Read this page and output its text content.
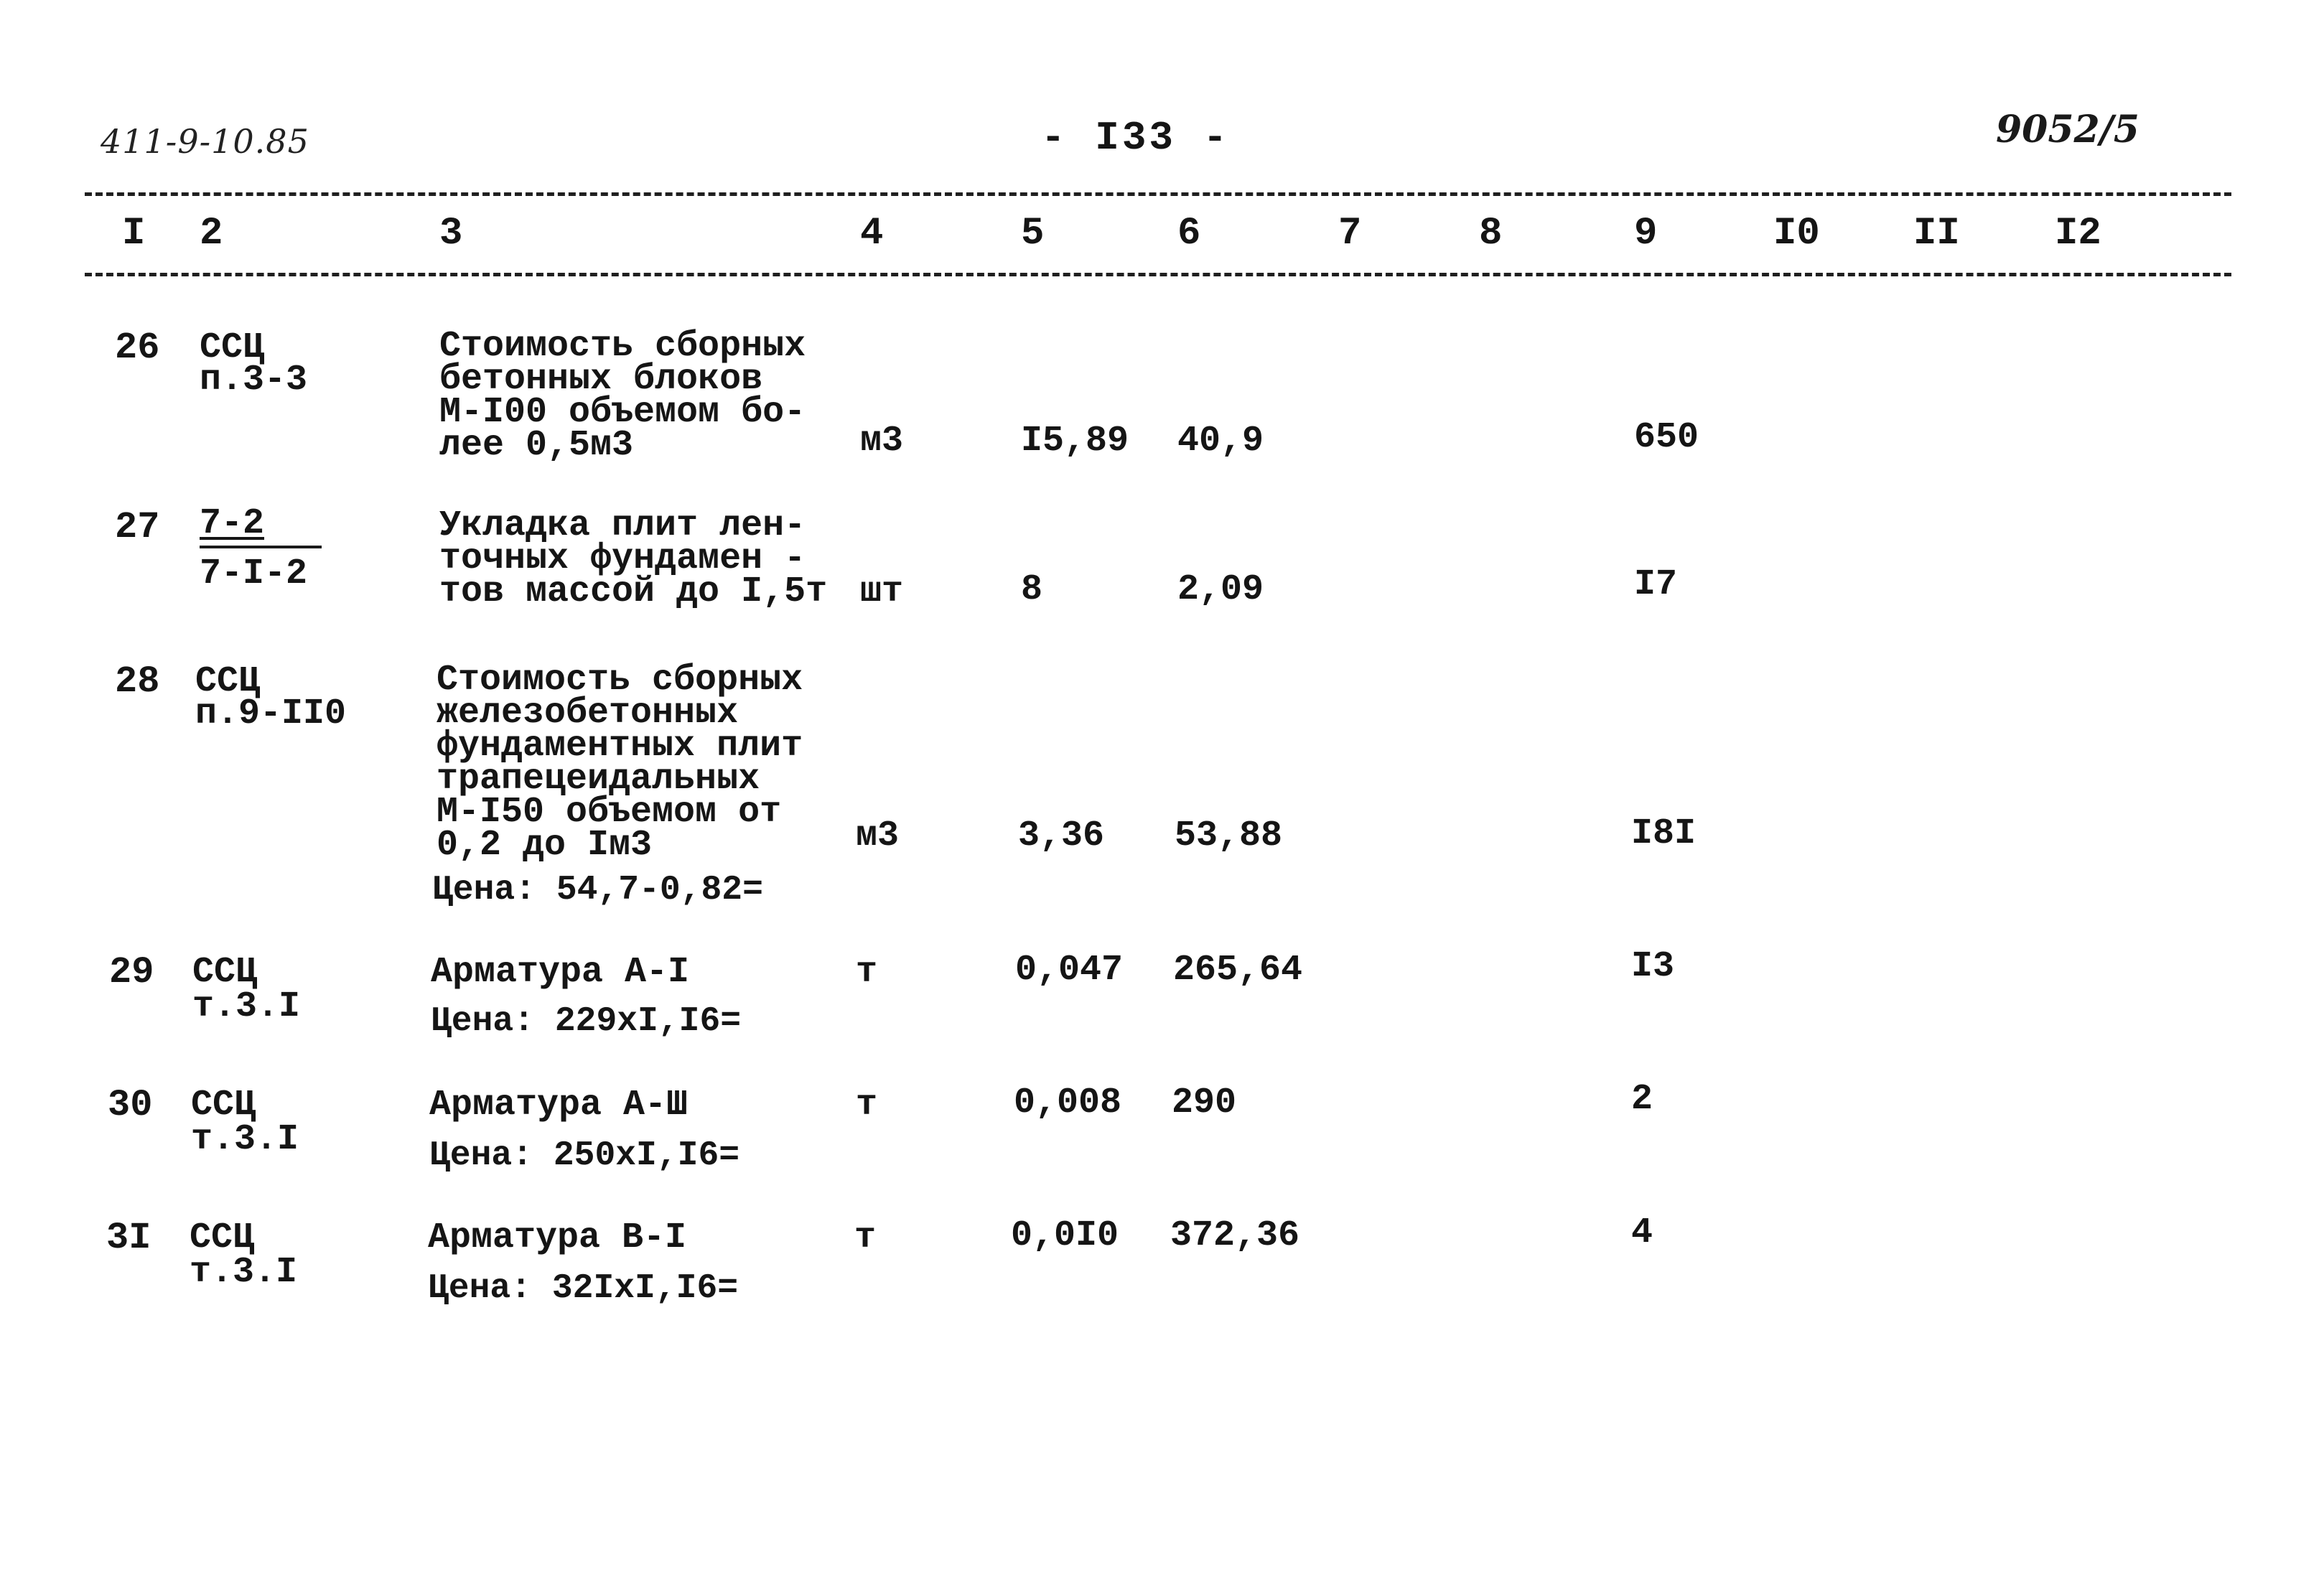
411-9-10.85	- I33 -	9052/5
I 2	3	4	5	6	7	8	9	I0 II I2
26 ССЦ
п.3-3
Стоимость сборных
бетонных блоков
М-I00 объемом бо-
лее 0,5м3	м3	I5,89 40,9	650
27 7-2
7-I-2
Укладка плит лен-
точных фундамен -
тов массой до I,5т шт	8	2,09	I7
28 ССЦ
п.9-II0
Стоимость сборных
железобетонных
фундаментных плит
трапецеидальных
М-I50 объемом от
0,2 до Iм3
Цена: 54,7-0,82=
м3	3,36 53,88	I8I
29 ССЦ
т.3.I
Арматура А-I
Цена: 229хI,I6=
т	0,047 265,64	I3
30 ССЦ
т.3.I
Арматура А-Ш
Цена: 250хI,I6=
т	0,008 290	2
3I ССЦ
т.3.I
Арматура В-I
Цена: 32IхI,I6=
т	0,0I0 372,36	4
